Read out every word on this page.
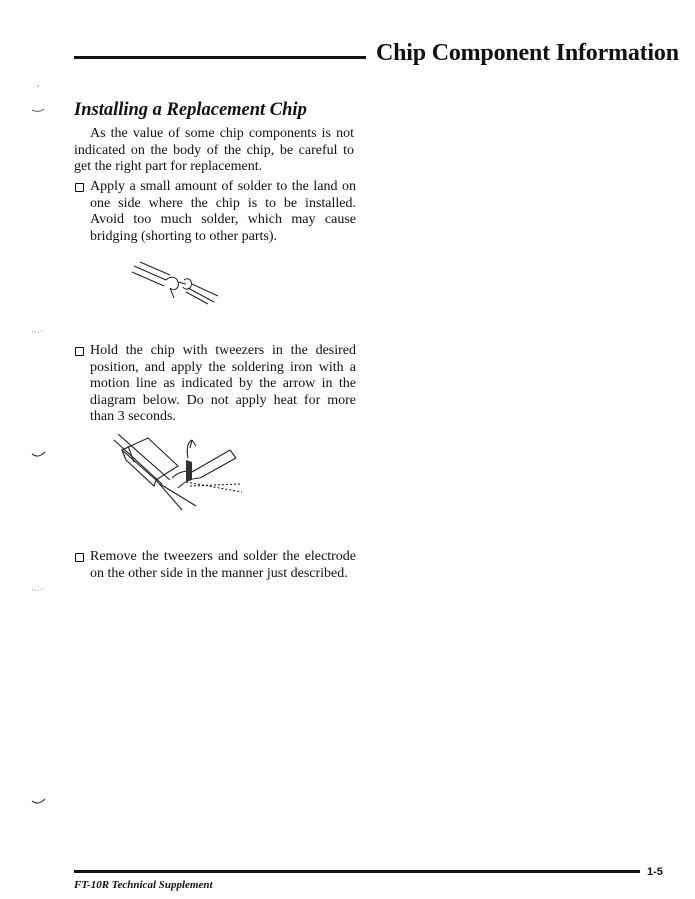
Chip Component Information
Installing a Replacement Chip
As the value of some chip components is not indicated on the body of the chip, be careful to get the right part for replacement.
Apply a small amount of solder to the land on one side where the chip is to be installed. Avoid too much solder, which may cause bridging (shorting to other parts).
Hold the chip with tweezers in the desired position, and apply the soldering iron with a motion line as indicated by the arrow in the diagram below. Do not apply heat for more than 3 seconds.
Remove the tweezers and solder the electrode on the other side in the manner just described.
FT-10R Technical Supplement
1-5
